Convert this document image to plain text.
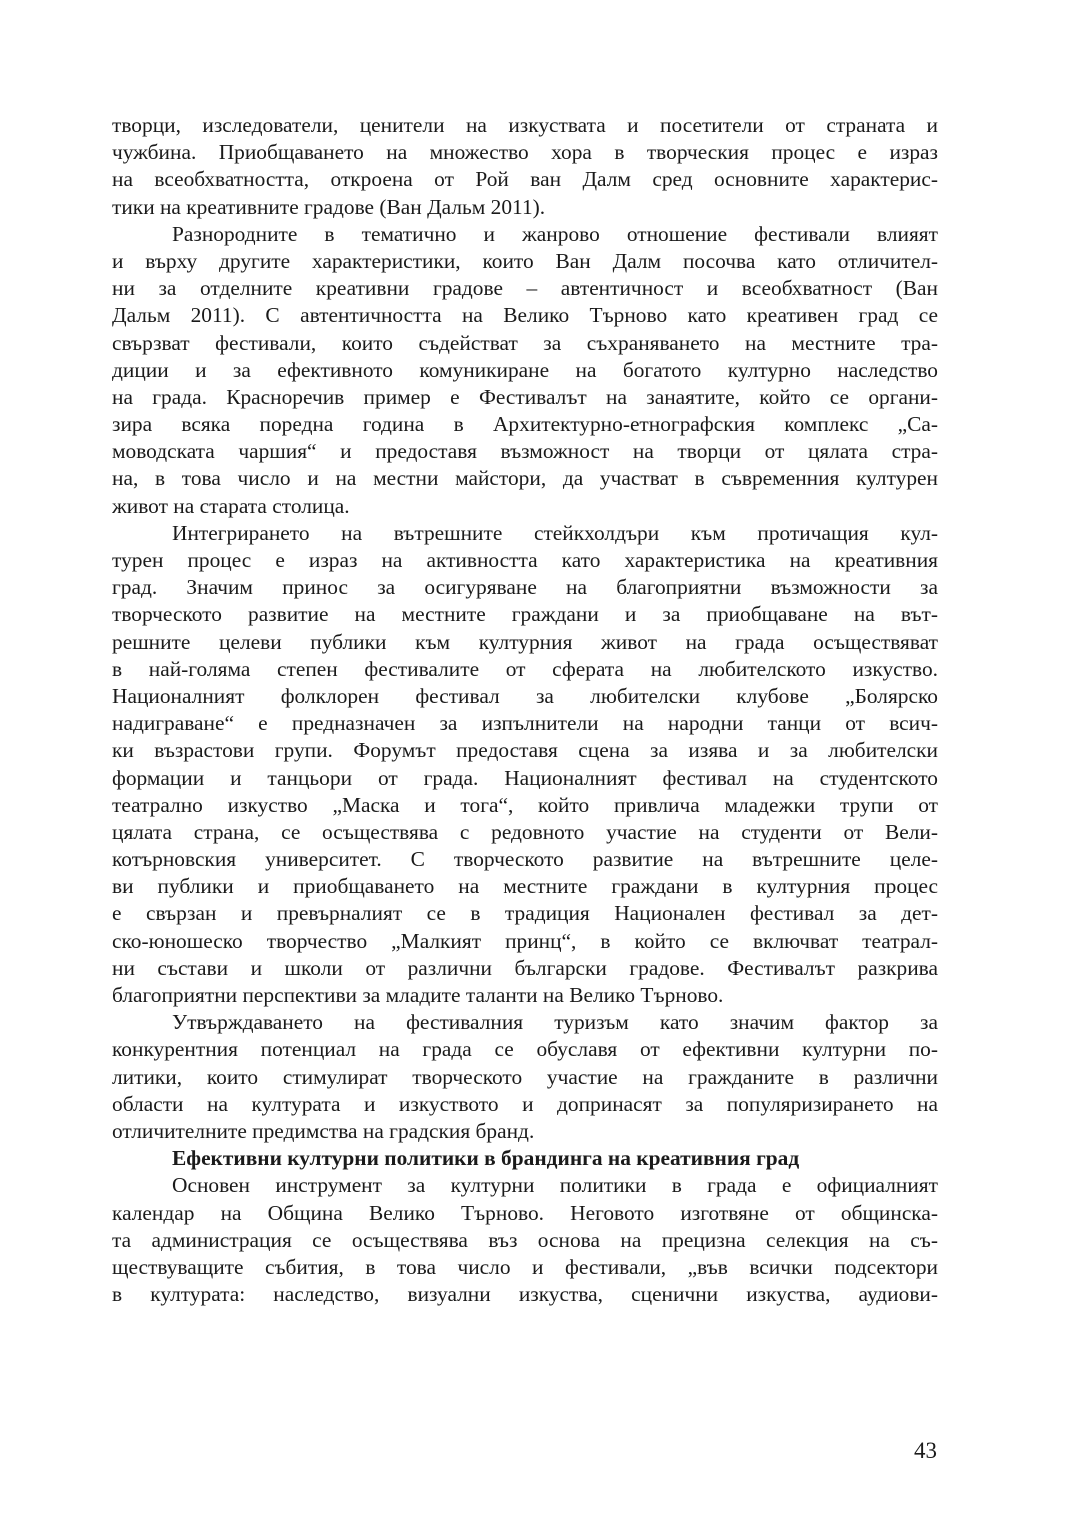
творци, изследователи, ценители на изкуствата и посетители от страната и
чужбина. Приобщаването на множество хора в творческия процес е израз
на всеобхватността, откроена от Рой ван Далм сред основните характерис-
тики на креативните градове (Ван Дальм 2011).
Разнородните в тематично и жанрово отношение фестивали влияят
и върху другите характеристики, които Ван Далм посочва като отличител-
ни за отделните креативни градове – автентичност и всеобхватност (Ван
Дальм 2011). С автентичността на Велико Търново като креативен град се
свързват фестивали, които съдействат за съхраняването на местните тра-
диции и за ефективното комуникиране на богатото културно наследство
на града. Красноречив пример е Фестивалът на занаятите, който се органи-
зира всяка поредна година в Архитектурно-етнографския комплекс „Са-
моводската чаршия“ и предоставя възможност на творци от цялата стра-
на, в това число и на местни майстори, да участват в съвременния културен
живот на старата столица.
Интегрирането на вътрешните стейкхолдъри към протичащия кул-
турен процес е израз на активността като характеристика на креативния
град. Значим принос за осигуряване на благоприятни възможности за
творческото развитие на местните граждани и за приобщаване на вът-
решните целеви публики към културния живот на града осъществяват
в най-голяма степен фестивалите от сферата на любителското изкуство.
Националният фолклорен фестивал за любителски клубове „Болярско
надиграване“ е предназначен за изпълнители на народни танци от всич-
ки възрастови групи. Форумът предоставя сцена за изява и за любителски
формации и танцьори от града. Националният фестивал на студентското
театрално изкуство „Маска и тога“, който привлича младежки трупи от
цялата страна, се осъществява с редовното участие на студенти от Вели-
котърновския университет. С творческото развитие на вътрешните целе-
ви публики и приобщаването на местните граждани в културния процес
е свързан и превърналият се в традиция Национален фестивал за дет-
ско-юношеско творчество „Малкият принц“, в който се включват театрал-
ни състави и школи от различни български градове. Фестивалът разкрива
благоприятни перспективи за младите таланти на Велико Търново.
Утвърждаването на фестивалния туризъм като значим фактор за
конкурентния потенциал на града се обуславя от ефективни културни по-
литики, които стимулират творческото участие на гражданите в различни
области на културата и изкуството и допринасят за популяризирането на
отличителните предимства на градския бранд.
Ефективни културни политики в брандинга на креативния град
Основен инструмент за културни политики в града е официалният
календар на Община Велико Търново. Неговото изготвяне от общинска-
та администрация се осъществява въз основа на прецизна селекция на съ-
ществуващите събития, в това число и фестивали, „във всички подсектори
в културата: наследство, визуални изкуства, сценични изкуства, аудиови-
43
